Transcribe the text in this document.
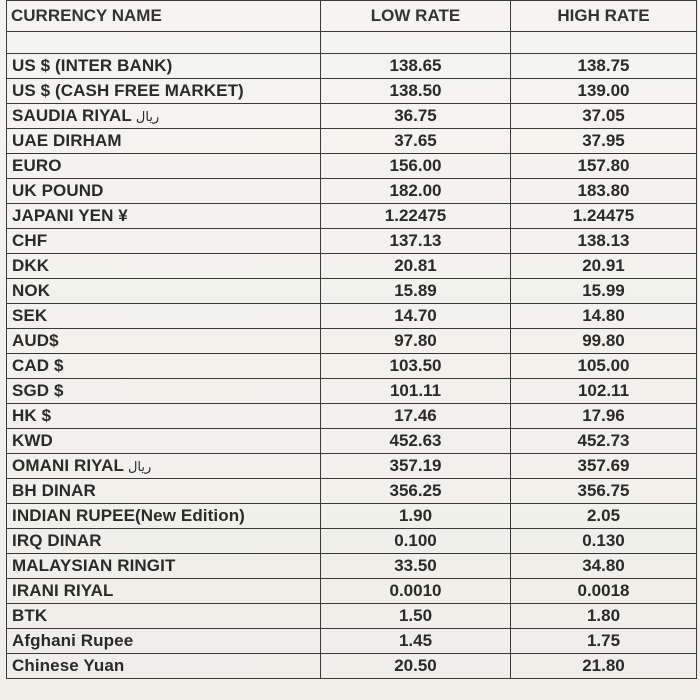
CURRENCY NAME	LOW RATE	HIGH RATE

US $ (INTER BANK)	138.65	138.75
US $ (CASH FREE MARKET)	138.50	139.00
SAUDIA RIYAL ریال	36.75	37.05
UAE DIRHAM	37.65	37.95
EURO	156.00	157.80
UK POUND	182.00	183.80
JAPANI YEN ¥	1.22475	1.24475
CHF	137.13	138.13
DKK	20.81	20.91
NOK	15.89	15.99
SEK	14.70	14.80
AUD$	97.80	99.80
CAD $	103.50	105.00
SGD $	101.11	102.11
HK $	17.46	17.96
KWD	452.63	452.73
OMANI RIYAL ریال	357.19	357.69
BH DINAR	356.25	356.75
INDIAN RUPEE(New Edition)	1.90	2.05
IRQ DINAR	0.100	0.130
MALAYSIAN RINGIT	33.50	34.80
IRANI RIYAL	0.0010	0.0018
BTK	1.50	1.80
Afghani Rupee	1.45	1.75
Chinese Yuan	20.50	21.80
